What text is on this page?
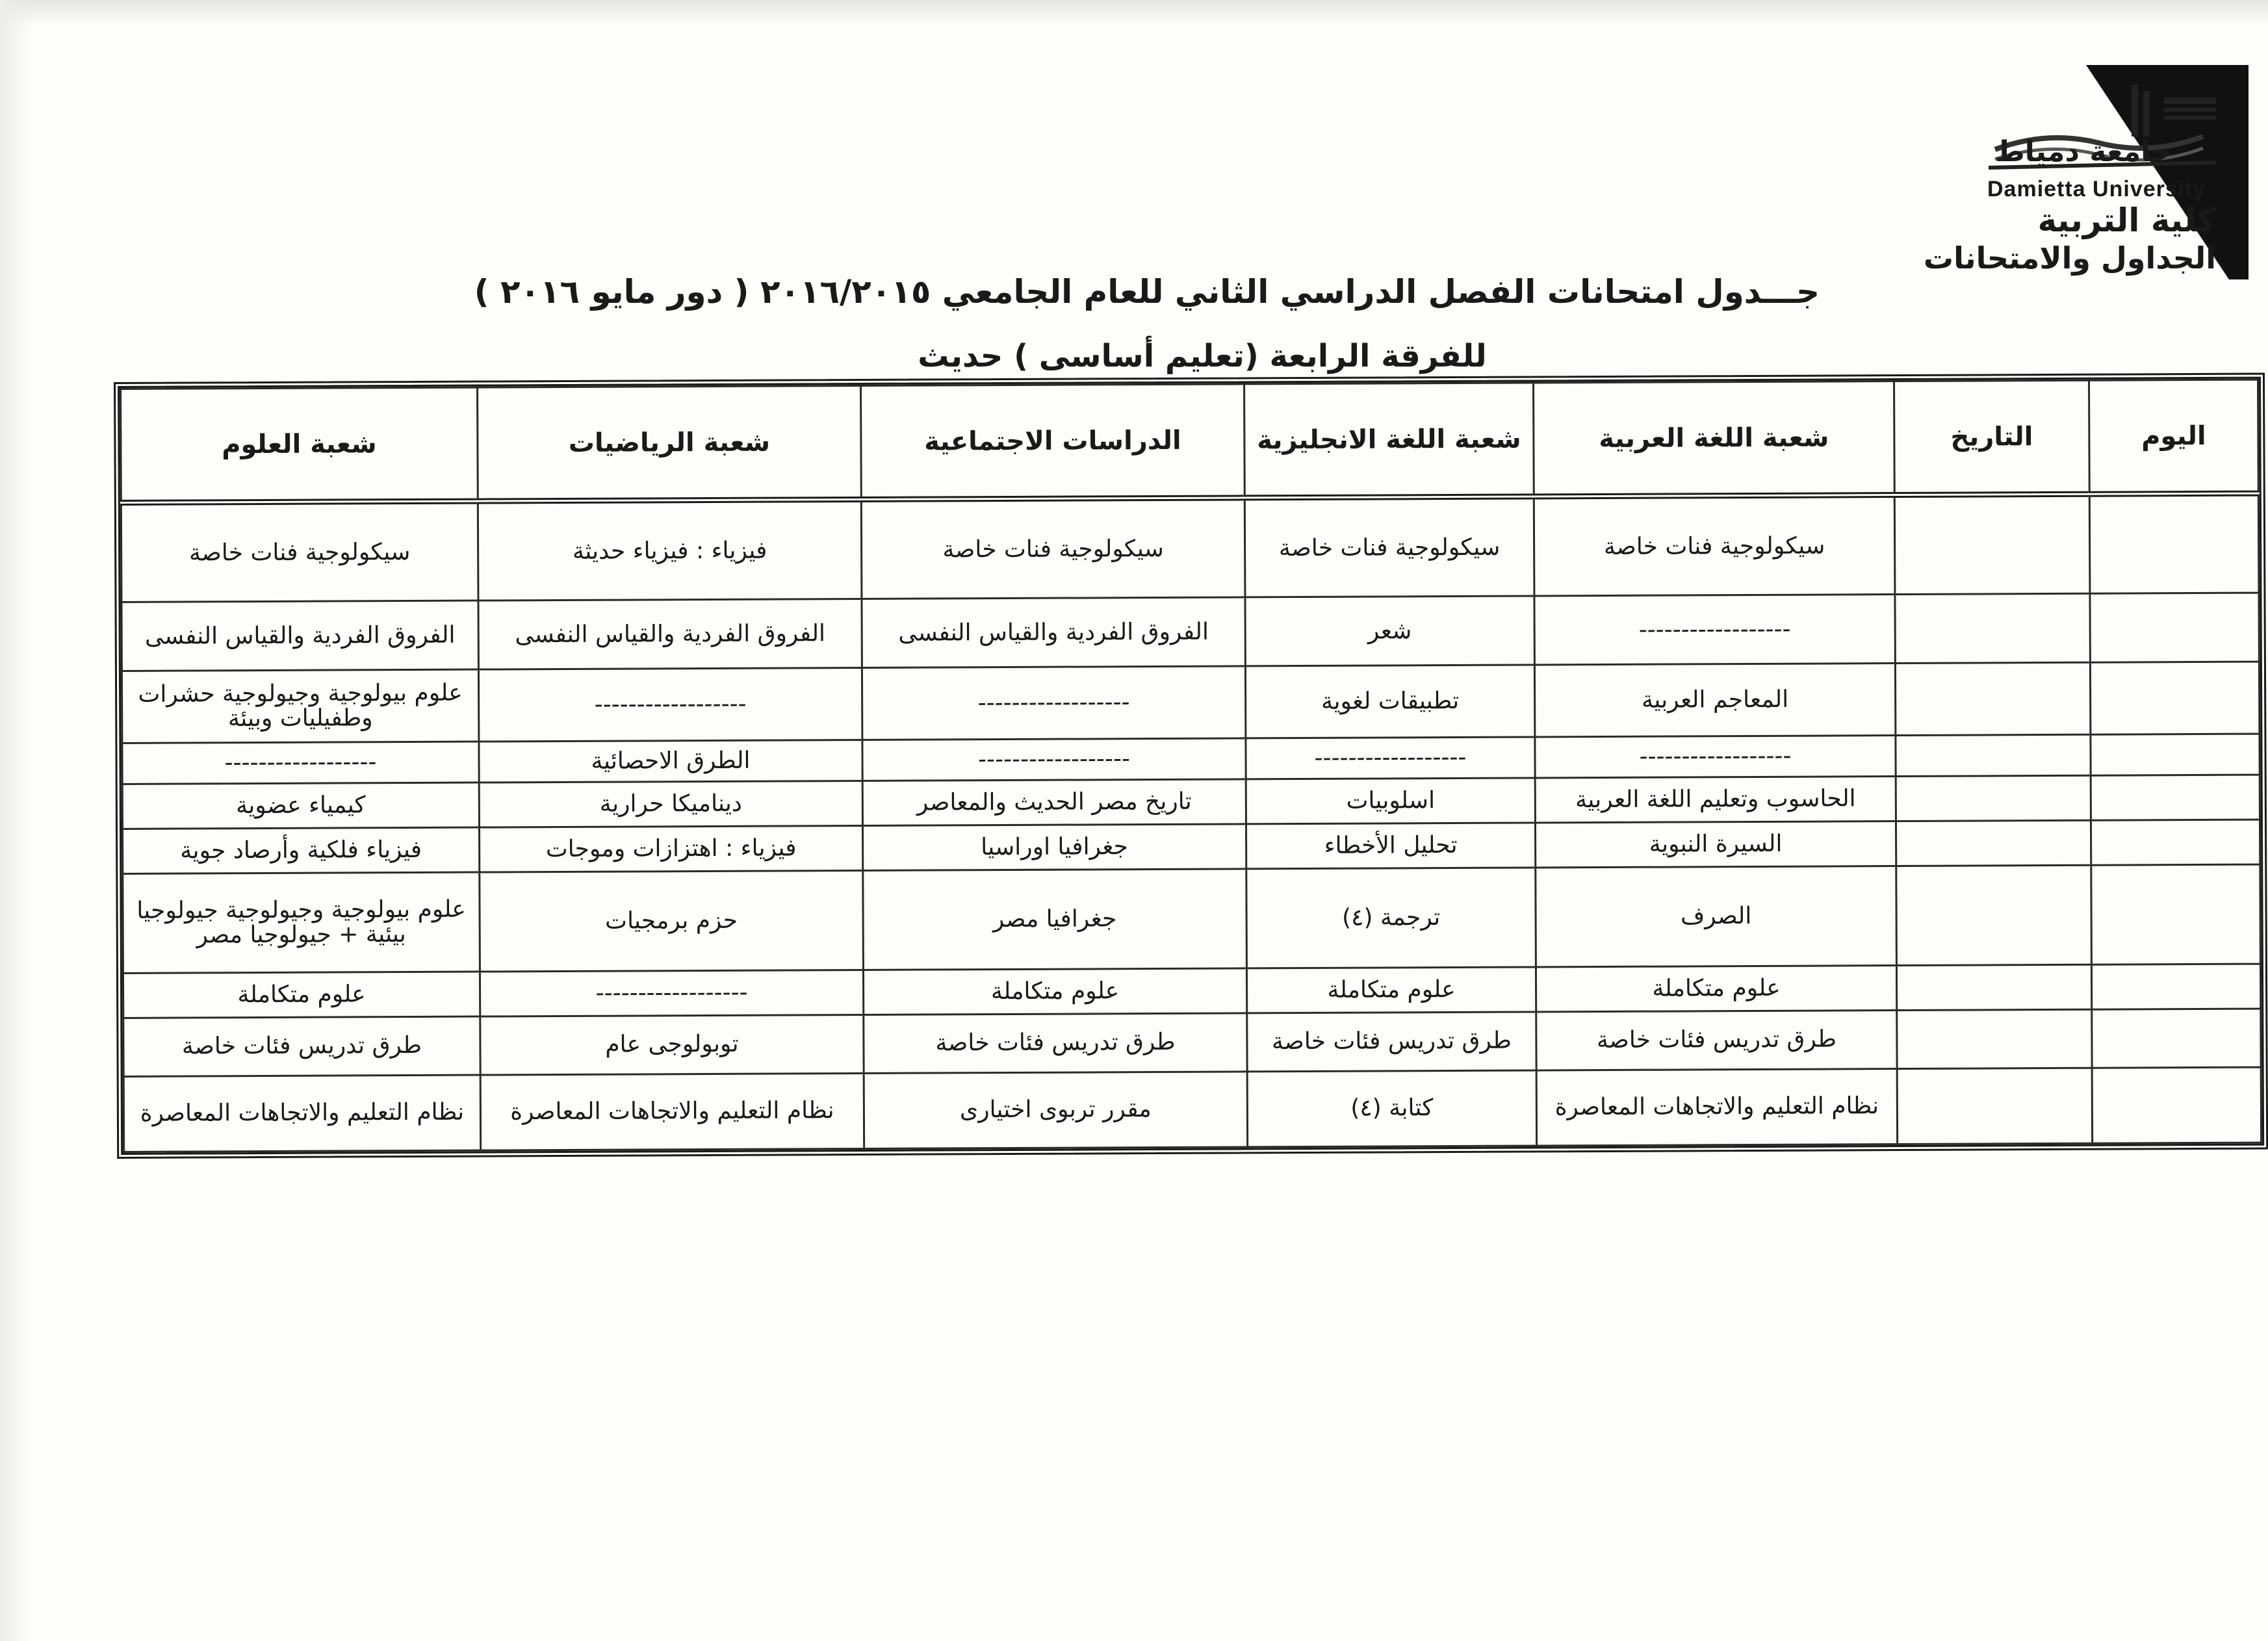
جامعة دمياط
Damietta University
كلية التربية
الجداول والامتحانات
جـــدول امتحانات الفصل الدراسي الثاني للعام الجامعي ٢٠١٦/٢٠١٥ ( دور مايو ٢٠١٦ )
للفرقة الرابعة (تعليم أساسى ) حديث
اليوم	التاريخ	شعبة اللغة العربية	شعبة اللغة الانجليزية	الدراسات الاجتماعية	شعبة الرياضيات	شعبة العلوم
		سيكولوجية فنات خاصة	سيكولوجية فنات خاصة	سيكولوجية فنات خاصة	فيزياء : فيزياء حديثة	سيكولوجية فنات خاصة
		------------------	شعر	الفروق الفردية والقياس النفسى	الفروق الفردية والقياس النفسى	الفروق الفردية والقياس النفسى
		المعاجم العربية	تطبيقات لغوية	------------------	------------------	علوم بيولوجية وجيولوجية حشرات وطفيليات وبيئة
		------------------	------------------	------------------	الطرق الاحصائية	------------------
		الحاسوب وتعليم اللغة العربية	اسلوبيات	تاريخ مصر الحديث والمعاصر	ديناميكا حرارية	كيمياء عضوية
		السيرة النبوية	تحليل الأخطاء	جغرافيا اوراسيا	فيزياء : اهتزازات وموجات	فيزياء فلكية وأرصاد جوية
		الصرف	ترجمة (٤)	جغرافيا مصر	حزم برمجيات	علوم بيولوجية وجيولوجية جيولوجيا بيئية + جيولوجيا مصر
		علوم متكاملة	علوم متكاملة	علوم متكاملة	------------------	علوم متكاملة
		طرق تدريس فئات خاصة	طرق تدريس فئات خاصة	طرق تدريس فئات خاصة	توبولوجى عام	طرق تدريس فئات خاصة
		نظام التعليم والاتجاهات المعاصرة	كتابة (٤)	مقرر تربوى اختيارى	نظام التعليم والاتجاهات المعاصرة	نظام التعليم والاتجاهات المعاصرة
